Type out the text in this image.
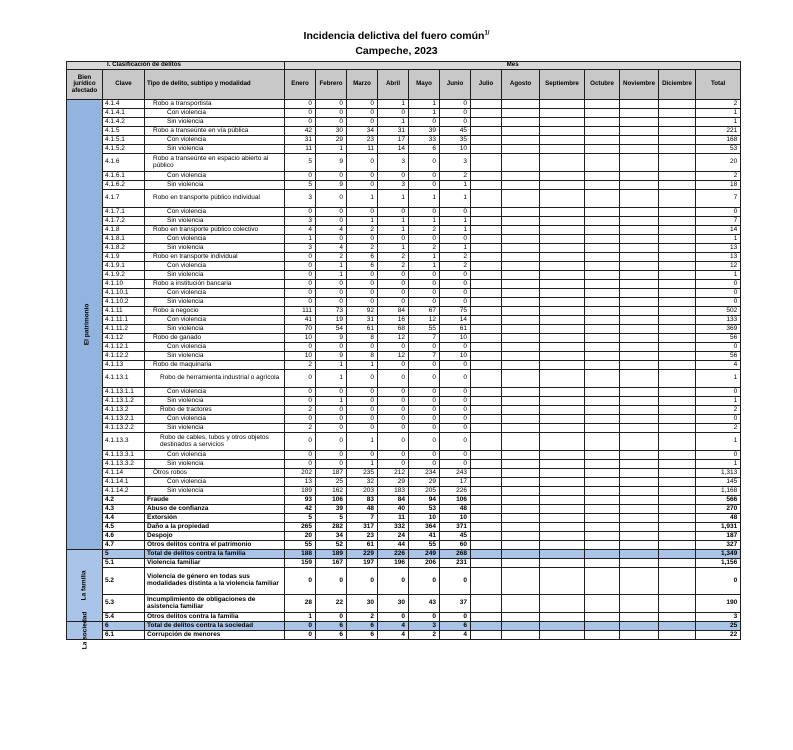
Incidencia delictiva del fuero común$^{1/}$
Campeche, 2023
I. Clasificación de delitos			Mes												
Bien jurídico afectado	Clave	Tipo de delito, subtipo y modalidad	Enero	Febrero	Marzo	Abril	Mayo	Junio	Julio	Agosto	Septiembre	Octubre	Noviembre	Diciembre	Total
El patrimonio	4.1.4	Robo a transportista	0	0	0	1	1	0							2
	4.1.4.1	Con violencia	0	0	0	0	1	0							1
	4.1.4.2	Sin violencia	0	0	0	1	0	0							1
	4.1.5	Robo a transeúnte en vía pública	42	30	34	31	39	45							221
	4.1.5.1	Con violencia	31	29	23	17	33	35							168
	4.1.5.2	Sin violencia	11	1	11	14	6	10							53
	4.1.6	Robo a transeúnte en espacio abierto al público	5	9	0	3	0	3							20
	4.1.6.1	Con violencia	0	0	0	0	0	2							2
	4.1.6.2	Sin violencia	5	9	0	3	0	1							18
	4.1.7	Robo en transporte público individual	3	0	1	1	1	1							7
	4.1.7.1	Con violencia	0	0	0	0	0	0							0
	4.1.7.2	Sin violencia	3	0	1	1	1	1							7
	4.1.8	Robo en transporte público colectivo	4	4	2	1	2	1							14
	4.1.8.1	Con violencia	1	0	0	0	0	0							1
	4.1.8.2	Sin violencia	3	4	2	1	2	1							13
	4.1.9	Robo en transporte individual	0	2	6	2	1	2							13
	4.1.9.1	Con violencia	0	1	6	2	1	2							12
	4.1.9.2	Sin violencia	0	1	0	0	0	0							1
	4.1.10	Robo a institución bancaria	0	0	0	0	0	0							0
	4.1.10.1	Con violencia	0	0	0	0	0	0							0
	4.1.10.2	Sin violencia	0	0	0	0	0	0							0
	4.1.11	Robo a negocio	111	73	92	84	67	75							502
	4.1.11.1	Con violencia	41	19	31	16	12	14							133
	4.1.11.2	Sin violencia	70	54	61	68	55	61							369
	4.1.12	Robo de ganado	10	9	8	12	7	10							56
	4.1.12.1	Con violencia	0	0	0	0	0	0							0
	4.1.12.2	Sin violencia	10	9	8	12	7	10							56
	4.1.13	Robo de maquinaria	2	1	1	0	0	0							4
	4.1.13.1	Robo de herramienta industrial o agrícola	0	1	0	0	0	0							1
	4.1.13.1.1	Con violencia	0	0	0	0	0	0							0
	4.1.13.1.2	Sin violencia	0	1	0	0	0	0							1
	4.1.13.2	Robo de tractores	2	0	0	0	0	0							2
	4.1.13.2.1	Con violencia	0	0	0	0	0	0							0
	4.1.13.2.2	Sin violencia	2	0	0	0	0	0							2
	4.1.13.3	Robo de cables, tubos y otros objetos destinados a servicios	0	0	1	0	0	0							1
	4.1.13.3.1	Con violencia	0	0	0	0	0	0							0
	4.1.13.3.2	Sin violencia	0	0	1	0	0	0							1
	4.1.14	Otros robos	202	187	235	212	234	243							1,313
	4.1.14.1	Con violencia	13	25	32	29	29	17							145
	4.1.14.2	Sin violencia	189	162	203	183	205	226							1,168
	4.2	Fraude	93	106	83	84	94	106							566
	4.3	Abuso de confianza	42	39	48	40	53	48							270
	4.4	Extorsión	5	5	7	11	10	10							48
	4.5	Daño a la propiedad	265	282	317	332	364	371							1,931
	4.6	Despojo	20	34	23	24	41	45							187
	4.7	Otros delitos contra el patrimonio	55	52	61	44	55	60							327
La familia	5	Total de delitos contra la familia	188	189	229	226	249	268							1,349
	5.1	Violencia familiar	159	167	197	196	206	231							1,156
	5.2	Violencia de género en todas sus modalidades distinta a la violencia familiar	0	0	0	0	0	0							0
	5.3	Incumplimiento de obligaciones de asistencia familiar	28	22	30	30	43	37							190
	5.4	Otros delitos contra la familia	1	0	2	0	0	0							3
La sociedad	6	Total de delitos contra la sociedad	0	6	6	4	3	6							25
	6.1	Corrupción de menores	0	6	6	4	2	4							22
